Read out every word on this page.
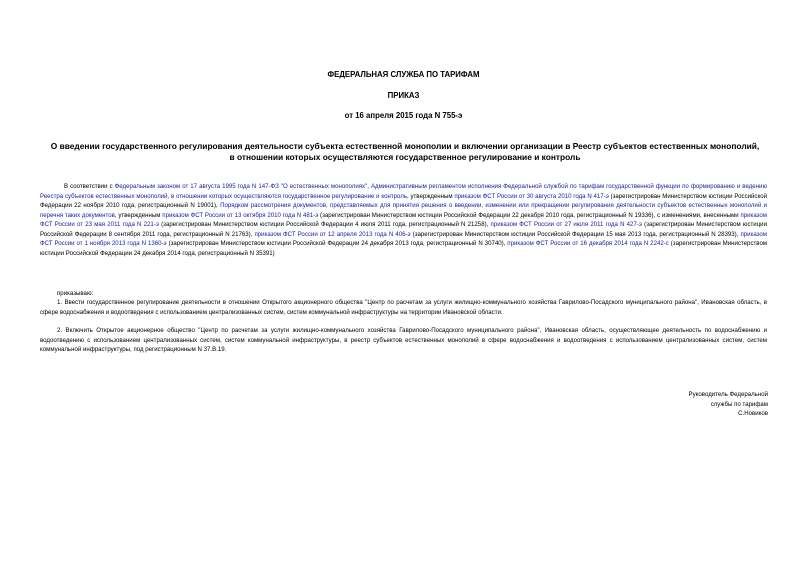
ФЕДЕРАЛЬНАЯ СЛУЖБА ПО ТАРИФАМ
ПРИКАЗ
от 16 апреля 2015 года N 755-э
О введении государственного регулирования деятельности субъекта естественной монополии и включении организации в Реестр субъектов естественных монополий, в отношении которых осуществляются государственное регулирование и контроль
В соответствии с Федеральным законом от 17 августа 1995 года N 147-ФЗ "О естественных монополиях", Административным регламентом исполнения Федеральной службой по тарифам государственной функции по формированию и ведению Реестра субъектов естественных монополий, в отношении которых осуществляются государственное регулирование и контроль, утвержденным приказом ФСТ России от 30 августа 2010 года N 417-э (зарегистрирован Министерством юстиции Российской Федерации 22 ноября 2010 года, регистрационный N 19001), Порядком рассмотрения документов, представляемых для принятия решения о введении, изменении или прекращении регулирования деятельности субъектов естественных монополий и перечня таких документов, утвержденным приказом ФСТ России от 13 октября 2010 года N 481-э (зарегистрирован Министерством юстиции Российской Федерации 22 декабря 2010 года, регистрационный N 19336), с изменениями, внесенными приказом ФСТ России от 23 мая 2011 года N 221-э (зарегистрирован Министерством юстиции Российской Федерации 4 июля 2011 года, регистрационный N 21258), приказом ФСТ России от 27 июля 2011 года N 427-э (зарегистрирован Министерством юстиции Российской Федерации 8 сентября 2011 года, регистрационный N 21763), приказом ФСТ России от 12 апреля 2013 года N 406-э (зарегистрирован Министерством юстиции Российской Федерации 15 мая 2013 года, регистрационный N 28393), приказом ФСТ России от 1 ноября 2013 года N 1360-э (зарегистрирован Министерством юстиции Российской Федерации 24 декабря 2013 года, регистрационный N 30740), приказом ФСТ России от 16 декабря 2014 года N 2242-с (зарегистрирован Министерством юстиции Российской Федерации 24 декабря 2014 года, регистрационный N 35391)
приказываю:
1. Ввести государственное регулирование деятельности в отношении Открытого акционерного общества "Центр по расчетам за услуги жилищно-коммунального хозяйства Гаврилово-Посадского муниципального района", Ивановская область, в сфере водоснабжения и водоотведения с использованием централизованных систем, систем коммунальной инфраструктуры на территории Ивановской области.
2. Включить Открытое акционерное общество "Центр по расчетам за услуги жилищно-коммунального хозяйства Гаврилово-Посадского муниципального района", Ивановская область, осуществляющее деятельность по водоснабжению и водоотведению с использованием централизованных систем, систем коммунальной инфраструктуры, в реестр субъектов естественных монополий в сфере водоснабжения и водоотведения с использованием централизованных систем, систем коммунальной инфраструктуры, под регистрационным N 37.В.19.
Руководитель Федеральной
службы по тарифам
С.Новиков
